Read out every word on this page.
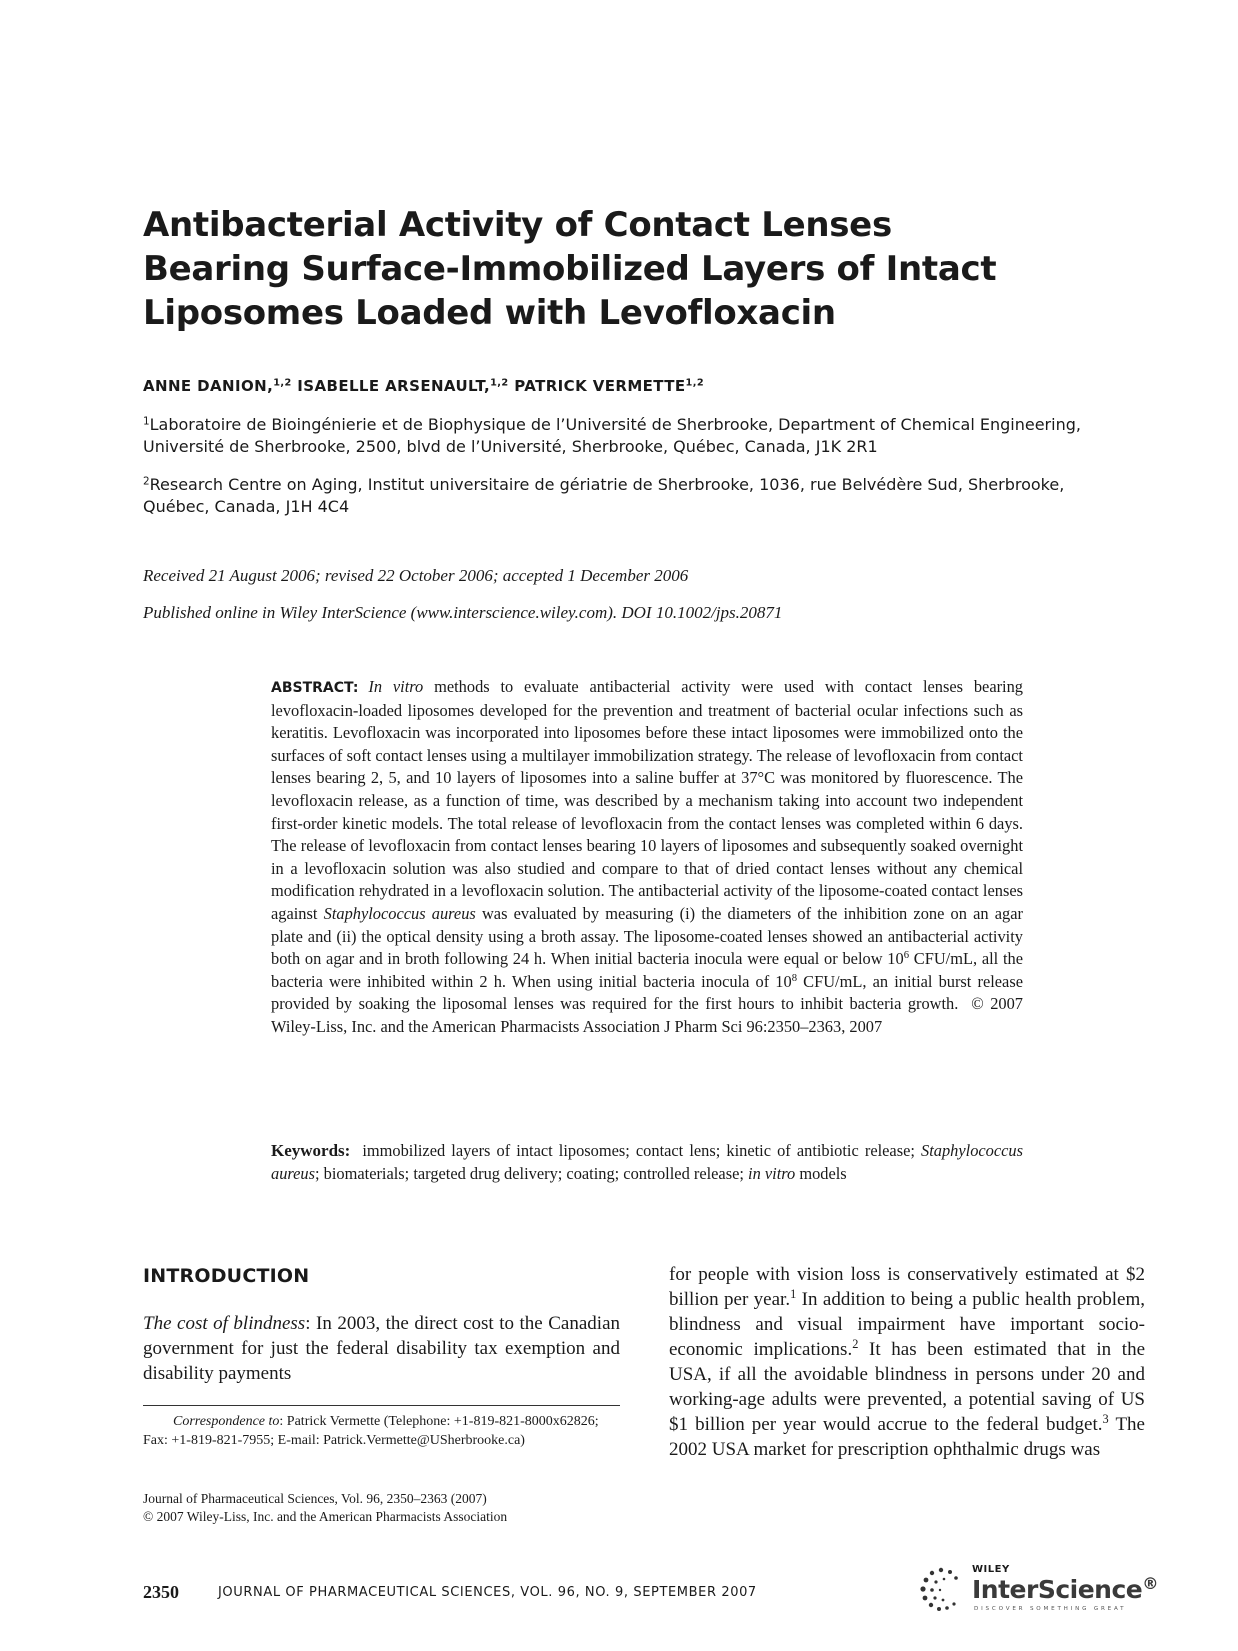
Antibacterial Activity of Contact Lenses Bearing Surface-Immobilized Layers of Intact Liposomes Loaded with Levofloxacin
ANNE DANION,$^{1,2}$ ISABELLE ARSENAULT,$^{1,2}$ PATRICK VERMETTE$^{1,2}$
$^1$Laboratoire de Bioingénierie et de Biophysique de l’Université de Sherbrooke, Department of Chemical Engineering, Université de Sherbrooke, 2500, blvd de l’Université, Sherbrooke, Québec, Canada, J1K 2R1
$^2$Research Centre on Aging, Institut universitaire de gériatrie de Sherbrooke, 1036, rue Belvédère Sud, Sherbrooke, Québec, Canada, J1H 4C4
Received 21 August 2006; revised 22 October 2006; accepted 1 December 2006
Published online in Wiley InterScience (www.interscience.wiley.com). DOI 10.1002/jps.20871
ABSTRACT: In vitro methods to evaluate antibacterial activity were used with contact lenses bearing levofloxacin-loaded liposomes developed for the prevention and treatment of bacterial ocular infections such as keratitis. Levofloxacin was incorporated into liposomes before these intact liposomes were immobilized onto the surfaces of soft contact lenses using a multilayer immobilization strategy. The release of levofloxacin from contact lenses bearing 2, 5, and 10 layers of liposomes into a saline buffer at 37°C was monitored by fluorescence. The levofloxacin release, as a function of time, was described by a mechanism taking into account two independent first-order kinetic models. The total release of levofloxacin from the contact lenses was completed within 6 days. The release of levofloxacin from contact lenses bearing 10 layers of liposomes and subsequently soaked overnight in a levofloxacin solution was also studied and compare to that of dried contact lenses without any chemical modification rehydrated in a levofloxacin solution. The antibacterial activity of the liposome-coated contact lenses against Staphylococcus aureus was evaluated by measuring (i) the diameters of the inhibition zone on an agar plate and (ii) the optical density using a broth assay. The liposome-coated lenses showed an antibacterial activity both on agar and in broth following 24 h. When initial bacteria inocula were equal or below $10^6$ CFU/mL, all the bacteria were inhibited within 2 h. When using initial bacteria inocula of $10^8$ CFU/mL, an initial burst release provided by soaking the liposomal lenses was required for the first hours to inhibit bacteria growth. © 2007 Wiley-Liss, Inc. and the American Pharmacists Association J Pharm Sci 96:2350–2363, 2007
Keywords: immobilized layers of intact liposomes; contact lens; kinetic of antibiotic release; Staphylococcus aureus; biomaterials; targeted drug delivery; coating; controlled release; in vitro models
INTRODUCTION
The cost of blindness: In 2003, the direct cost to the Canadian government for just the federal disability tax exemption and disability payments
for people with vision loss is conservatively estimated at $2 billion per year.$^1$ In addition to being a public health problem, blindness and visual impairment have important socio-economic implications.$^2$ It has been estimated that in the USA, if all the avoidable blindness in persons under 20 and working-age adults were prevented, a potential saving of US $1 billion per year would accrue to the federal budget.$^3$ The 2002 USA market for prescription ophthalmic drugs was
Correspondence to: Patrick Vermette (Telephone: +1-819-821-8000x62826; Fax: +1-819-821-7955; E-mail: Patrick.Vermette@USherbrooke.ca)
Journal of Pharmaceutical Sciences, Vol. 96, 2350–2363 (2007)
© 2007 Wiley-Liss, Inc. and the American Pharmacists Association
2350	JOURNAL OF PHARMACEUTICAL SCIENCES, VOL. 96, NO. 9, SEPTEMBER 2007
WILEY
InterScience®
DISCOVER SOMETHING GREAT
